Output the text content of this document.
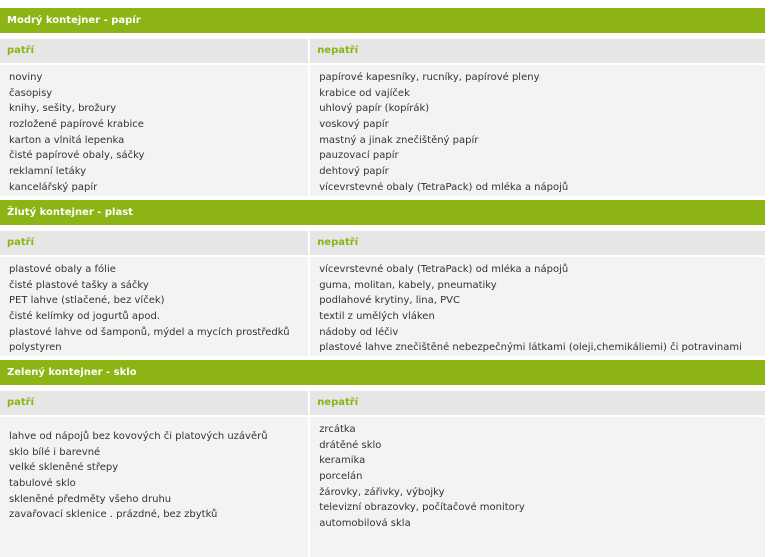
Modrý kontejner - papír
patří
noviny
časopisy
knihy, sešity, brožury
rozložené papírové krabice
karton a vlnitá lepenka
čisté papírové obaly, sáčky
reklamní letáky
kancelářský papír
nepatří
papírové kapesníky, rucníky, papírové pleny
krabice od vajíček
uhlový papír (kopírák)
voskový papír
mastný a jinak znečištěný papír
pauzovací papír
dehtový papír
vícevrstevné obaly (TetraPack) od mléka a nápojů
Žlutý kontejner - plast
patří
plastové obaly a fólie
čisté plastové tašky a sáčky
PET lahve (stlačené, bez víček)
čisté kelímky od jogurtů apod.
plastové lahve od šamponů, mýdel a mycích prostředků
polystyren
nepatří
vícevrstevné obaly (TetraPack) od mléka a nápojů
guma, molitan, kabely, pneumatiky
podlahové krytiny, lina, PVC
textil z umělých vláken
nádoby od léčiv
plastové lahve znečištěné nebezpečnými látkami (oleji,chemikáliemi) či potravinami
Zelený kontejner - sklo
patří
lahve od nápojů bez kovových či platových uzávěrů
sklo bílé i barevné
velké skleněné střepy
tabulové sklo
skleněné předměty všeho druhu
zavařovací sklenice . prázdné, bez zbytků
nepatří
zrcátka
drátěné sklo
keramika
porcelán
žárovky, zářivky, výbojky
televizní obrazovky, počítačové monitory
automobilová skla
